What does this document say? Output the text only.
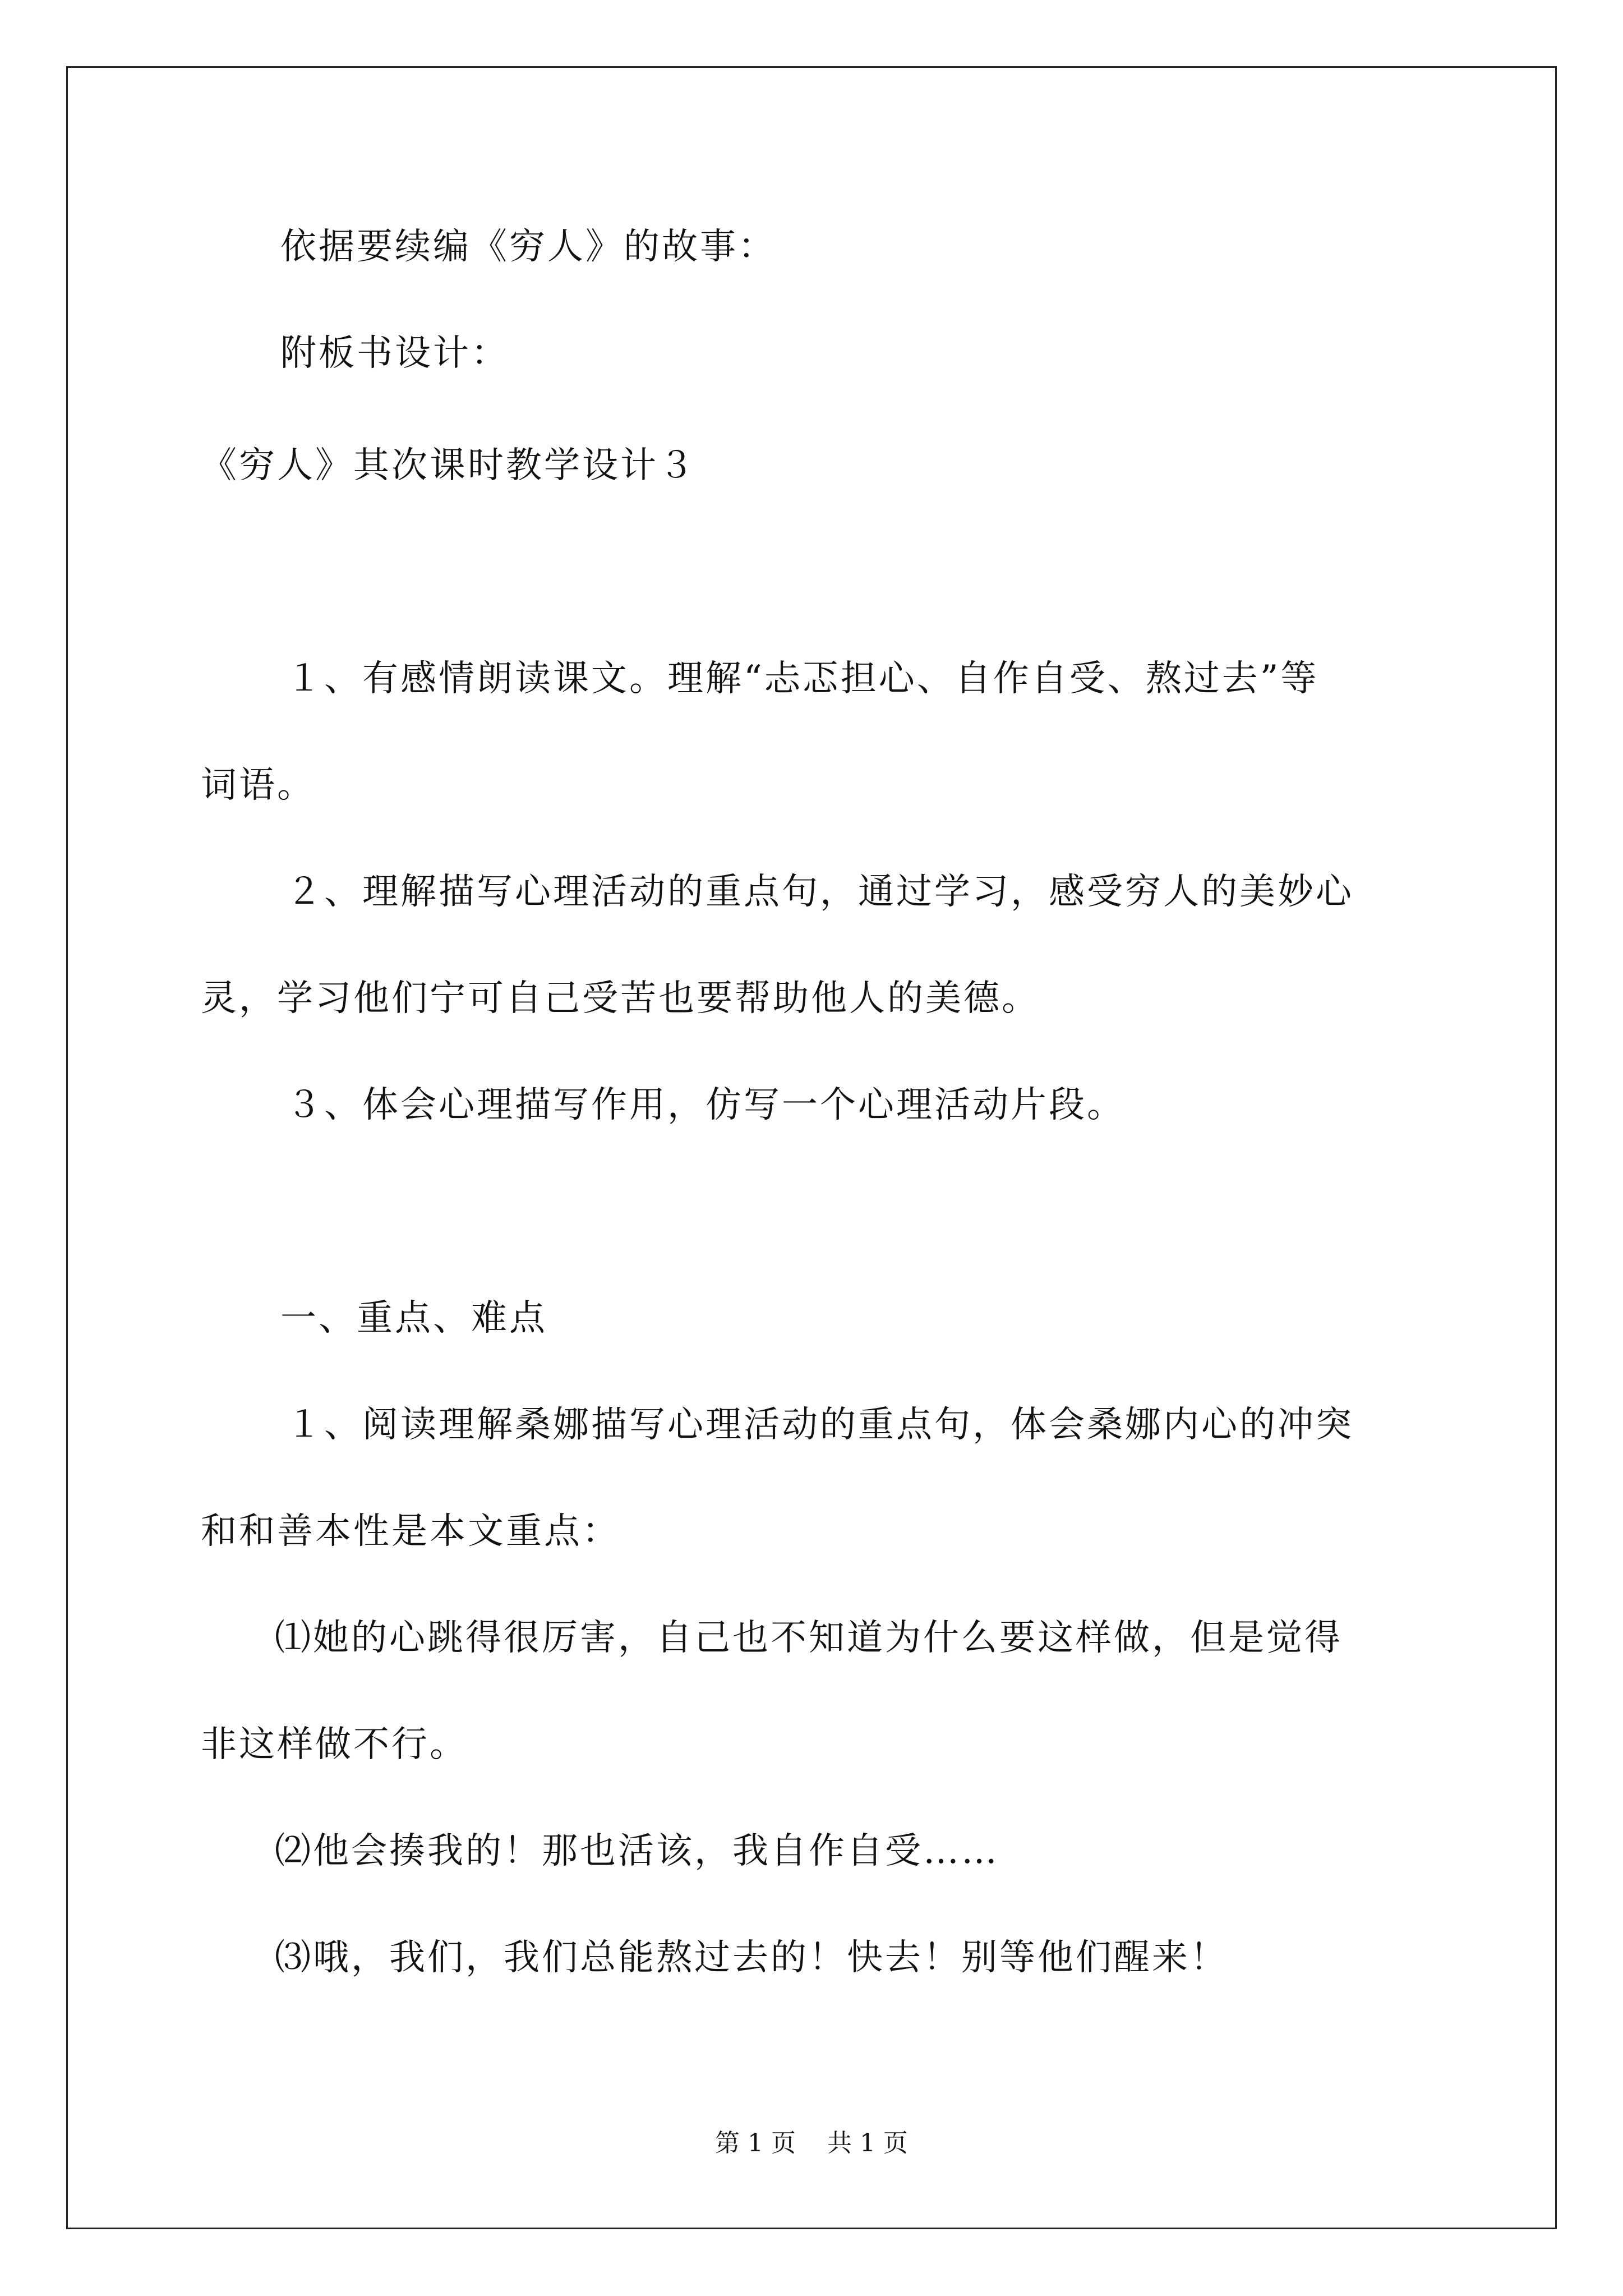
依据要续编《穷人》的故事：
附板书设计：
《穷人》其次课时教学设计３
１、有感情朗读课文。理解“忐忑担心、自作自受、熬过去”等
词语。
２、理解描写心理活动的重点句，通过学习，感受穷人的美妙心
灵，学习他们宁可自己受苦也要帮助他人的美德。
３、体会心理描写作用，仿写一个心理活动片段。
一、重点、难点
１、阅读理解桑娜描写心理活动的重点句，体会桑娜内心的冲突
和和善本性是本文重点：
⑴她的心跳得很厉害，自己也不知道为什么要这样做，但是觉得
非这样做不行。
⑵他会揍我的！那也活该，我自作自受……
⑶哦，我们，我们总能熬过去的！快去！别等他们醒来！
第 1 页    共 1 页
